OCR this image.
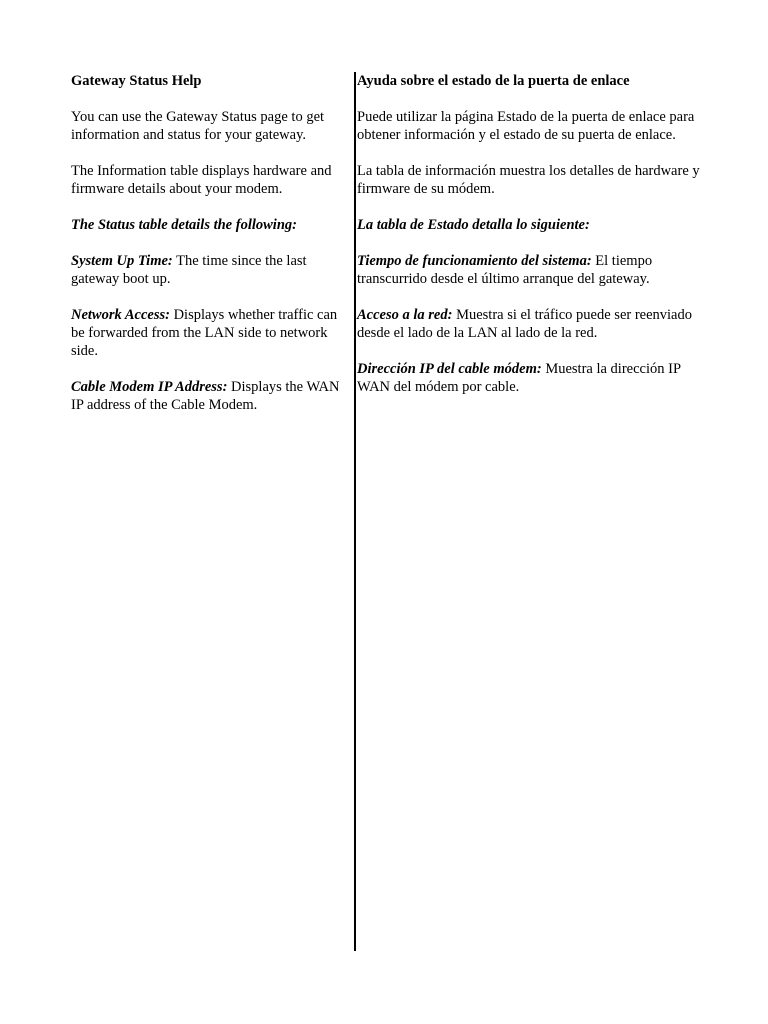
Gateway Status Help

You can use the Gateway Status page to get information and status for your gateway.

The Information table displays hardware and firmware details about your modem.

The Status table details the following:

System Up Time: The time since the last gateway boot up.

Network Access: Displays whether traffic can be forwarded from the LAN side to network side.

Cable Modem IP Address: Displays the WAN IP address of the Cable Modem.

Ayuda sobre el estado de la puerta de enlace

Puede utilizar la página Estado de la puerta de enlace para obtener información y el estado de su puerta de enlace.

La tabla de información muestra los detalles de hardware y firmware de su módem.

La tabla de Estado detalla lo siguiente:

Tiempo de funcionamiento del sistema: El tiempo transcurrido desde el último arranque del gateway.

Acceso a la red: Muestra si el tráfico puede ser reenviado desde el lado de la LAN al lado de la red.

Dirección IP del cable módem: Muestra la dirección IP WAN del módem por cable.
